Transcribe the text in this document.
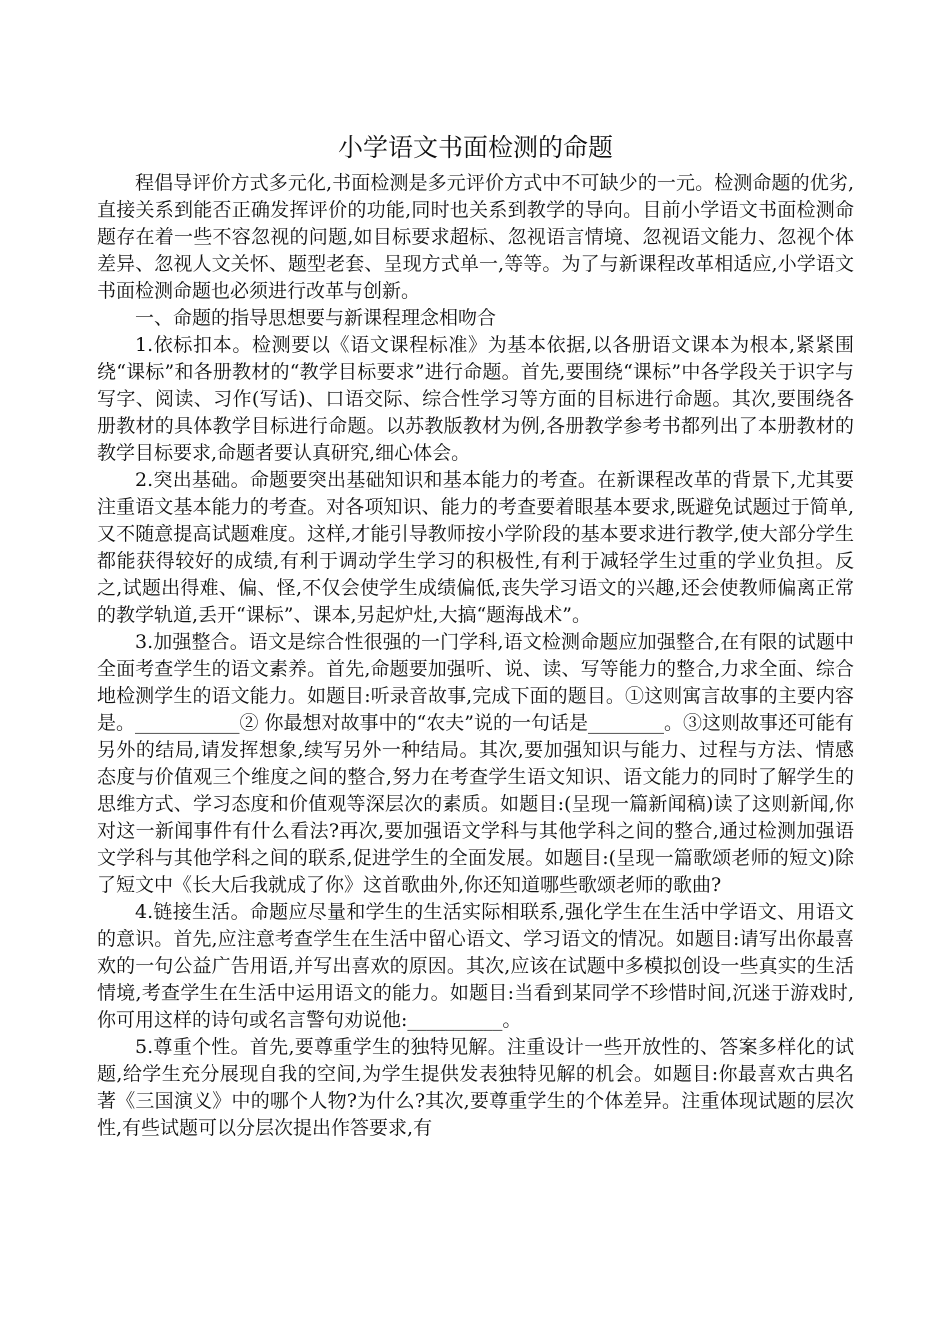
小学语文书面检测的命题

程倡导评价方式多元化,书面检测是多元评价方式中不可缺少的一元。检测命题的优劣,直接关系到能否正确发挥评价的功能,同时也关系到教学的导向。目前小学语文书面检测命题存在着一些不容忽视的问题,如目标要求超标、忽视语言情境、忽视语文能力、忽视个体差异、忽视人文关怀、题型老套、呈现方式单一,等等。为了与新课程改革相适应,小学语文书面检测命题也必须进行改革与创新。

一、命题的指导思想要与新课程理念相吻合

1.依标扣本。检测要以《语文课程标准》为基本依据,以各册语文课本为根本,紧紧围绕“课标”和各册教材的“教学目标要求”进行命题。首先,要围绕“课标”中各学段关于识字与写字、阅读、习作(写话)、口语交际、综合性学习等方面的目标进行命题。其次,要围绕各册教材的具体教学目标进行命题。以苏教版教材为例,各册教学参考书都列出了本册教材的教学目标要求,命题者要认真研究,细心体会。

2.突出基础。命题要突出基础知识和基本能力的考查。在新课程改革的背景下,尤其要注重语文基本能力的考查。对各项知识、能力的考查要着眼基本要求,既避免试题过于简单,又不随意提高试题难度。这样,才能引导教师按小学阶段的基本要求进行教学,使大部分学生都能获得较好的成绩,有利于调动学生学习的积极性,有利于减轻学生过重的学业负担。反之,试题出得难、偏、怪,不仅会使学生成绩偏低,丧失学习语文的兴趣,还会使教师偏离正常的教学轨道,丢开“课标”、课本,另起炉灶,大搞“题海战术”。

3.加强整合。语文是综合性很强的一门学科,语文检测命题应加强整合,在有限的试题中全面考查学生的语文素养。首先,命题要加强听、说、读、写等能力的整合,力求全面、综合地检测学生的语文能力。如题目:听录音故事,完成下面的题目。①这则寓言故事的主要内容是。___________② 你最想对故事中的“农夫”说的一句话是________。③这则故事还可能有另外的结局,请发挥想象,续写另外一种结局。其次,要加强知识与能力、过程与方法、情感态度与价值观三个维度之间的整合,努力在考查学生语文知识、语文能力的同时了解学生的思维方式、学习态度和价值观等深层次的素质。如题目:(呈现一篇新闻稿)读了这则新闻,你对这一新闻事件有什么看法?再次,要加强语文学科与其他学科之间的整合,通过检测加强语文学科与其他学科之间的联系,促进学生的全面发展。如题目:(呈现一篇歌颂老师的短文)除了短文中《长大后我就成了你》这首歌曲外,你还知道哪些歌颂老师的歌曲?

4.链接生活。命题应尽量和学生的生活实际相联系,强化学生在生活中学语文、用语文的意识。首先,应注意考查学生在生活中留心语文、学习语文的情况。如题目:请写出你最喜欢的一句公益广告用语,并写出喜欢的原因。其次,应该在试题中多模拟创设一些真实的生活情境,考查学生在生活中运用语文的能力。如题目:当看到某同学不珍惜时间,沉迷于游戏时,你可用这样的诗句或名言警句劝说他:__________。

5.尊重个性。首先,要尊重学生的独特见解。注重设计一些开放性的、答案多样化的试题,给学生充分展现自我的空间,为学生提供发表独特见解的机会。如题目:你最喜欢古典名著《三国演义》中的哪个人物?为什么?其次,要尊重学生的个体差异。注重体现试题的层次性,有些试题可以分层次提出作答要求,有
